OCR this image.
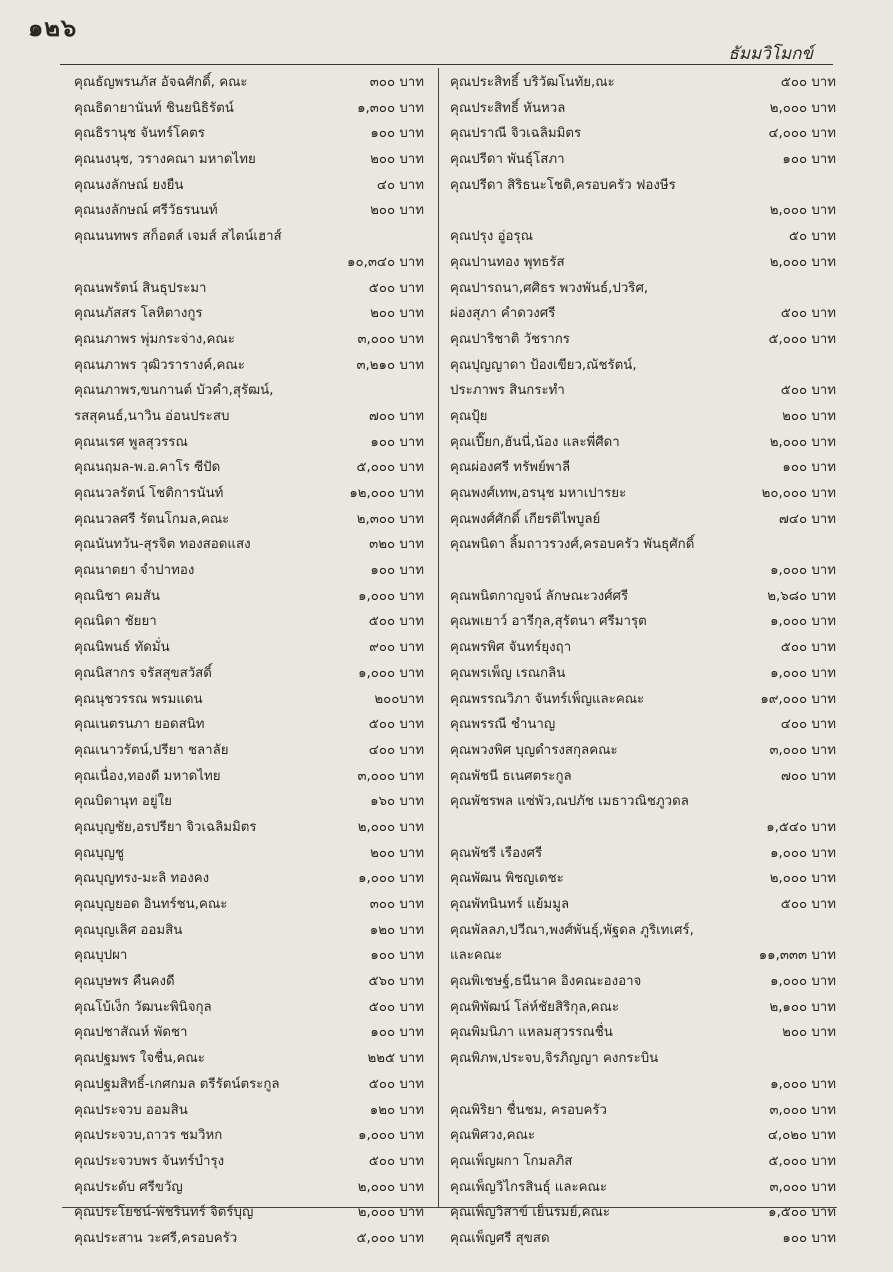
๑๒๖
ธัมมวิโมกข์
คุณธัญพรนภัส อัจฉศักดิ์, คณะ	๓๐๐ บาท
คุณธิดายานันท์ ชินยนิธิรัตน์	๑,๓๐๐ บาท
คุณธิรานุช จันทร์โคตร	๑๐๐ บาท
คุณนงนุช, วรางคณา มหาดไทย	๒๐๐ บาท
คุณนงลักษณ์ ยงยืน	๔๐ บาท
คุณนงลักษณ์ ศรีวัธรนนท์	๒๐๐ บาท
คุณนนทพร สก็อตส์ เจมส์ สไตน์เฮาส์
๑๐,๓๔๐ บาท
คุณนพรัตน์ สินธุประมา	๕๐๐ บาท
คุณนภัสสร โลหิตางกูร	๒๐๐ บาท
คุณนภาพร พุ่มกระจ่าง,คณะ	๓,๐๐๐ บาท
คุณนภาพร วุฒิวรารางค์,คณะ	๓,๒๑๐ บาท
คุณนภาพร,ขนกานต์ บัวคำ,สุรัฒน์,
รสสุคนธ์,นาวิน อ่อนประสบ	๗๐๐ บาท
คุณนเรศ พูลสุวรรณ	๑๐๐ บาท
คุณนฤมล-พ.อ.คาโร ซีปัด	๕,๐๐๐ บาท
คุณนวลรัตน์ โชติการนันท์	๑๒,๐๐๐ บาท
คุณนวลศรี รัตนโกมล,คณะ	๒,๓๐๐ บาท
คุณนันทวัน-สุรจิต ทองสอดแสง	๓๒๐ บาท
คุณนาตยา จำปาทอง	๑๐๐ บาท
คุณนิชา คมสัน	๑,๐๐๐ บาท
คุณนิดา ชัยยา	๕๐๐ บาท
คุณนิพนธ์ ทัดมั่น	๙๐๐ บาท
คุณนิสากร จรัสสุขสวัสดิ์	๑,๐๐๐ บาท
คุณนุชวรรณ พรมแดน	๒๐๐บาท
คุณเนตรนภา ยอดสนิท	๕๐๐ บาท
คุณเนาวรัตน์,ปรียา ชลาลัย	๔๐๐ บาท
คุณเนื่อง,ทองดี มหาดไทย	๓,๐๐๐ บาท
คุณบิดานุท อยู่ใย	๑๖๐ บาท
คุณบุญชัย,อรปรียา จิวเฉลิมมิตร	๒,๐๐๐ บาท
คุณบุญชู	๒๐๐ บาท
คุณบุญทรง-มะลิ ทองคง	๑,๐๐๐ บาท
คุณบุญยอด อินทร์ชน,คณะ	๓๐๐ บาท
คุณบุญเลิศ ออมสิน	๑๒๐ บาท
คุณบุปผา	๑๐๐ บาท
คุณบุษพร คืนคงดี	๕๖๐ บาท
คุณโบ้เง็ก วัฒนะพินิจกุล	๕๐๐ บาท
คุณปชาสัณห์ พัดชา	๑๐๐ บาท
คุณปฐมพร ใจชื่น,คณะ	๒๒๕ บาท
คุณปฐมสิทธิ์-เกศกมล ตรีรัตน์ตระกูล	๕๐๐ บาท
คุณประจวบ ออมสิน	๑๒๐ บาท
คุณประจวบ,ถาวร ชมวิหก	๑,๐๐๐ บาท
คุณประจวบพร จันทร์บำรุง	๕๐๐ บาท
คุณประดับ ศรีขวัญ	๒,๐๐๐ บาท
คุณประโยชน์-พัชรินทร์ จิตร์บุญ	๒,๐๐๐ บาท
คุณประสาน วะศรี,ครอบครัว	๕,๐๐๐ บาท
คุณประสิทธิ์ บริวัฒโนทัย,ณะ	๕๐๐ บาท
คุณประสิทธิ์ หันหวล	๒,๐๐๐ บาท
คุณปราณี จิวเฉลิมมิตร	๔,๐๐๐ บาท
คุณปรีดา พันธุ์โสภา	๑๐๐ บาท
คุณปรีดา สิริธนะโชติ,ครอบครัว ฟองษีร
๒,๐๐๐ บาท
คุณปรุง อู่อรุณ	๕๐ บาท
คุณปานทอง พุทธรัส	๒,๐๐๐ บาท
คุณปารถนา,ศศิธร พวงพันธ์,ปวริศ,
ผ่องสุภา คำดวงศรี	๕๐๐ บาท
คุณปาริชาติ วัชรากร	๕,๐๐๐ บาท
คุณปุญญาดา ป้องเขียว,ณัชรัตน์,
ประภาพร สินกระทำ	๕๐๐ บาท
คุณปุ้ย	๒๐๐ บาท
คุณเปี๊ยก,ฮันนี่,น้อง และพี่ศีดา	๒,๐๐๐ บาท
คุณผ่องศรี ทรัพย์พาลี	๑๐๐ บาท
คุณพงศ์เทพ,อรนุช มหาเปารยะ	๒๐,๐๐๐ บาท
คุณพงศ์ศักดิ์ เกียรติไพบูลย์	๗๔๐ บาท
คุณพนิดา ลิ้มถาวรวงศ์,ครอบครัว พันธุศักดิ์
๑,๐๐๐ บาท
คุณพนิตกาญจน์ ลักษณะวงศ์ศรี	๒,๖๘๐ บาท
คุณพเยาว์ อารีกุล,สุรัตนา ศรีมารุต	๑,๐๐๐ บาท
คุณพรพิศ จันทร์ยุงฤา	๕๐๐ บาท
คุณพรเพ็ญ เรณกลิน	๑,๐๐๐ บาท
คุณพรรณวิภา จันทร์เพ็ญและคณะ	๑๙,๐๐๐ บาท
คุณพรรณี ชำนาญ	๔๐๐ บาท
คุณพวงพิศ บุญดำรงสกุลคณะ	๓,๐๐๐ บาท
คุณพัชนี ธเนศตระกูล	๗๐๐ บาท
คุณพัชรพล แซ่พัว,ณปภัช เมธาวณิชภูวดล
๑,๕๔๐ บาท
คุณพัชรี เรืองศรี	๑,๐๐๐ บาท
คุณพัฒน พิชญเดชะ	๒,๐๐๐ บาท
คุณพัทนินทร์ แย้มมูล	๕๐๐ บาท
คุณพัลลภ,ปวีณา,พงศ์พันธุ์,พัฐดล ภูริเทเศร์,
และคณะ	๑๑,๓๓๓ บาท
คุณพิเชษฐ์,ธนีนาค อิงคณะองอาจ	๑,๐๐๐ บาท
คุณพิพัฒน์ โล่ห์ชัยสิริกุล,คณะ	๒,๑๐๐ บาท
คุณพิมนิภา แหลมสุวรรณชื่น	๒๐๐ บาท
คุณพิภพ,ประจบ,จิรภิญญา คงกระบิน
๑,๐๐๐ บาท
คุณพิริยา ชื่นชม, ครอบครัว	๓,๐๐๐ บาท
คุณพิศวง,คณะ	๔,๐๒๐ บาท
คุณเพ็ญผกา โกมลภิส	๕,๐๐๐ บาท
คุณเพ็ญวิไกรสินธุ์ และคณะ	๓,๐๐๐ บาท
คุณเพ็ญวิสาข์ เย็นรมย์,คณะ	๑,๕๐๐ บาท
คุณเพ็ญศรี สุขสด	๑๐๐ บาท
